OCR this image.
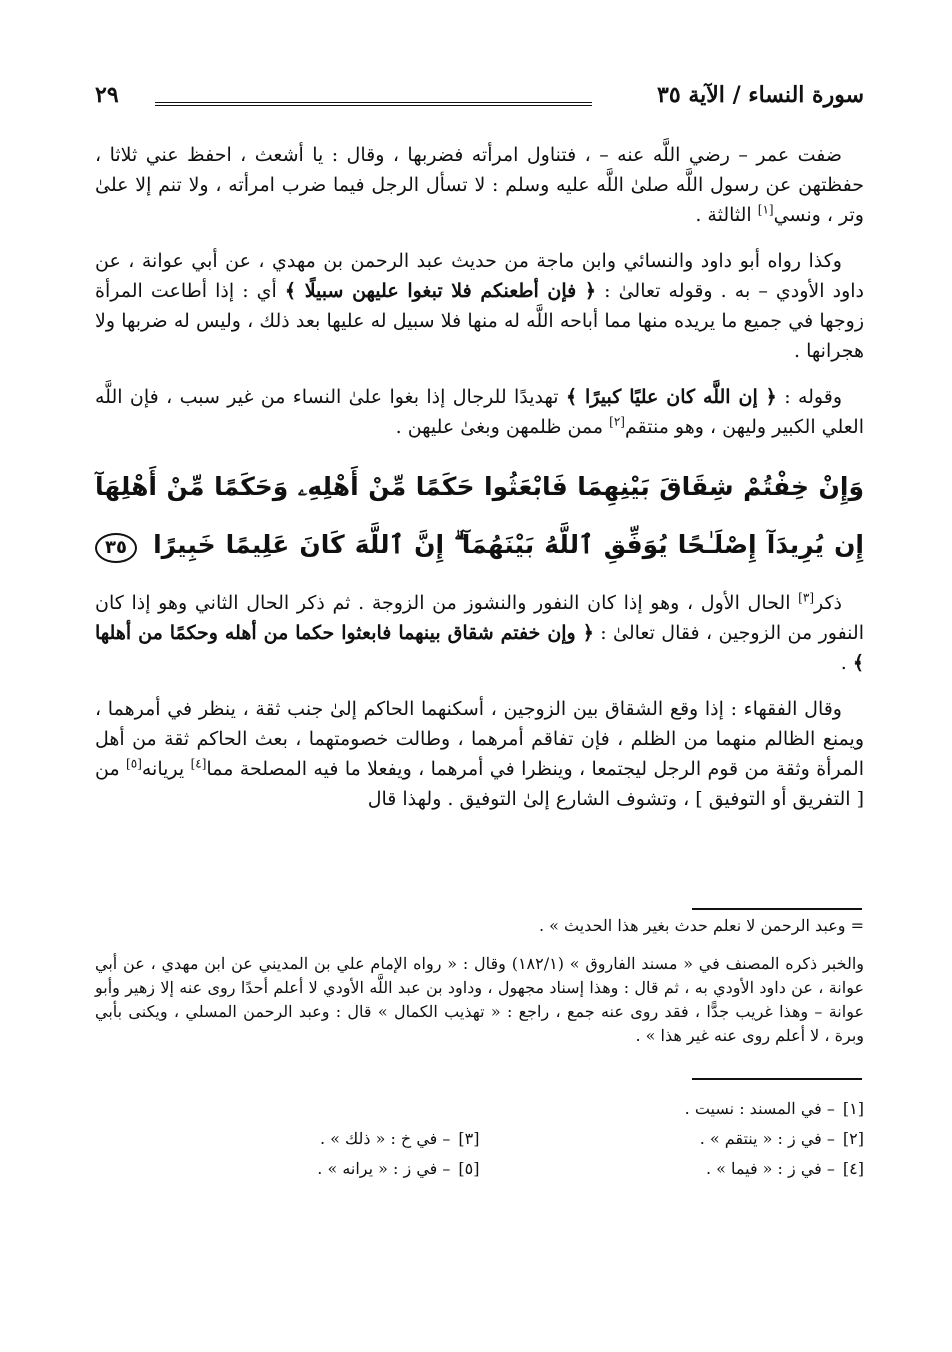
سورة النساء / الآية ٣٥
٢٩

ضفت عمر – رضي اللَّه عنه – ، فتناول امرأته فضربها ، وقال : يا أشعث ، احفظ عني ثلاثا ، حفظتهن عن رسول اللَّه صلىٰ اللَّه عليه وسلم : لا تسأل الرجل فيما ضرب امرأته ، ولا تنم إلا علىٰ وتر ، ونسي[١] الثالثة .

وكذا رواه أبو داود والنسائي وابن ماجة من حديث عبد الرحمن بن مهدي ، عن أبي عوانة ، عن داود الأودي – به . وقوله تعالىٰ : ﴿ فإن أطعنكم فلا تبغوا عليهن سبيلًا ﴾ أي : إذا أطاعت المرأة زوجها في جميع ما يريده منها مما أباحه اللَّه له منها فلا سبيل له عليها بعد ذلك ، وليس له ضربها ولا هجرانها .

وقوله : ﴿ إن اللَّه كان عليًا كبيرًا ﴾ تهديدًا للرجال إذا بغوا علىٰ النساء من غير سبب ، فإن اللَّه العلي الكبير وليهن ، وهو منتقم[٢] ممن ظلمهن وبغىٰ عليهن .

وَإِنْ خِفْتُمْ شِقَاقَ بَيْنِهِمَا فَابْعَثُوا حَكَمًا مِّنْ أَهْلِهِۦ وَحَكَمًا مِّنْ أَهْلِهَآ إِن يُرِيدَآ إِصْلَـٰحًا يُوَفِّقِ ٱللَّهُ بَيْنَهُمَآ ۗ إِنَّ ٱللَّهَ كَانَ عَلِيمًا خَبِيرًا ٣٥

ذكر[٣] الحال الأول ، وهو إذا كان النفور والنشوز من الزوجة . ثم ذكر الحال الثاني وهو إذا كان النفور من الزوجين ، فقال تعالىٰ : ﴿ وإن خفتم شقاق بينهما فابعثوا حكما من أهله وحكمًا من أهلها ﴾ .

وقال الفقهاء : إذا وقع الشقاق بين الزوجين ، أسكنهما الحاكم إلىٰ جنب ثقة ، ينظر في أمرهما ، ويمنع الظالم منهما من الظلم ، فإن تفاقم أمرهما ، وطالت خصومتهما ، بعث الحاكم ثقة من أهل المرأة وثقة من قوم الرجل ليجتمعا ، وينظرا في أمرهما ، ويفعلا ما فيه المصلحة مما[٤] يريانه[٥] من [ التفريق أو التوفيق ] ، وتشوف الشارع إلىٰ التوفيق . ولهذا قال

= وعبد الرحمن لا نعلم حدث بغير هذا الحديث » .

والخبر ذكره المصنف في « مسند الفاروق » (١٨٢/١) وقال : « رواه الإمام علي بن المديني عن ابن مهدي ، عن أبي عوانة ، عن داود الأودي به ، ثم قال : وهذا إسناد مجهول ، وداود بن عبد اللَّه الأودي لا أعلم أحدًا روى عنه إلا زهير وأبو عوانة – وهذا غريب جدًّا ، فقد روى عنه جمع ، راجع : « تهذيب الكمال » قال : وعبد الرحمن المسلي ، ويكنى بأبي وبرة ، لا أعلم روى عنه غير هذا » .

[١]– في المسند : نسيت .
[٢]– في ز : « ينتقم » .
[٣]– في خ : « ذلك » .
[٤]– في ز : « فيما » .
[٥]– في ز : « يرانه » .
